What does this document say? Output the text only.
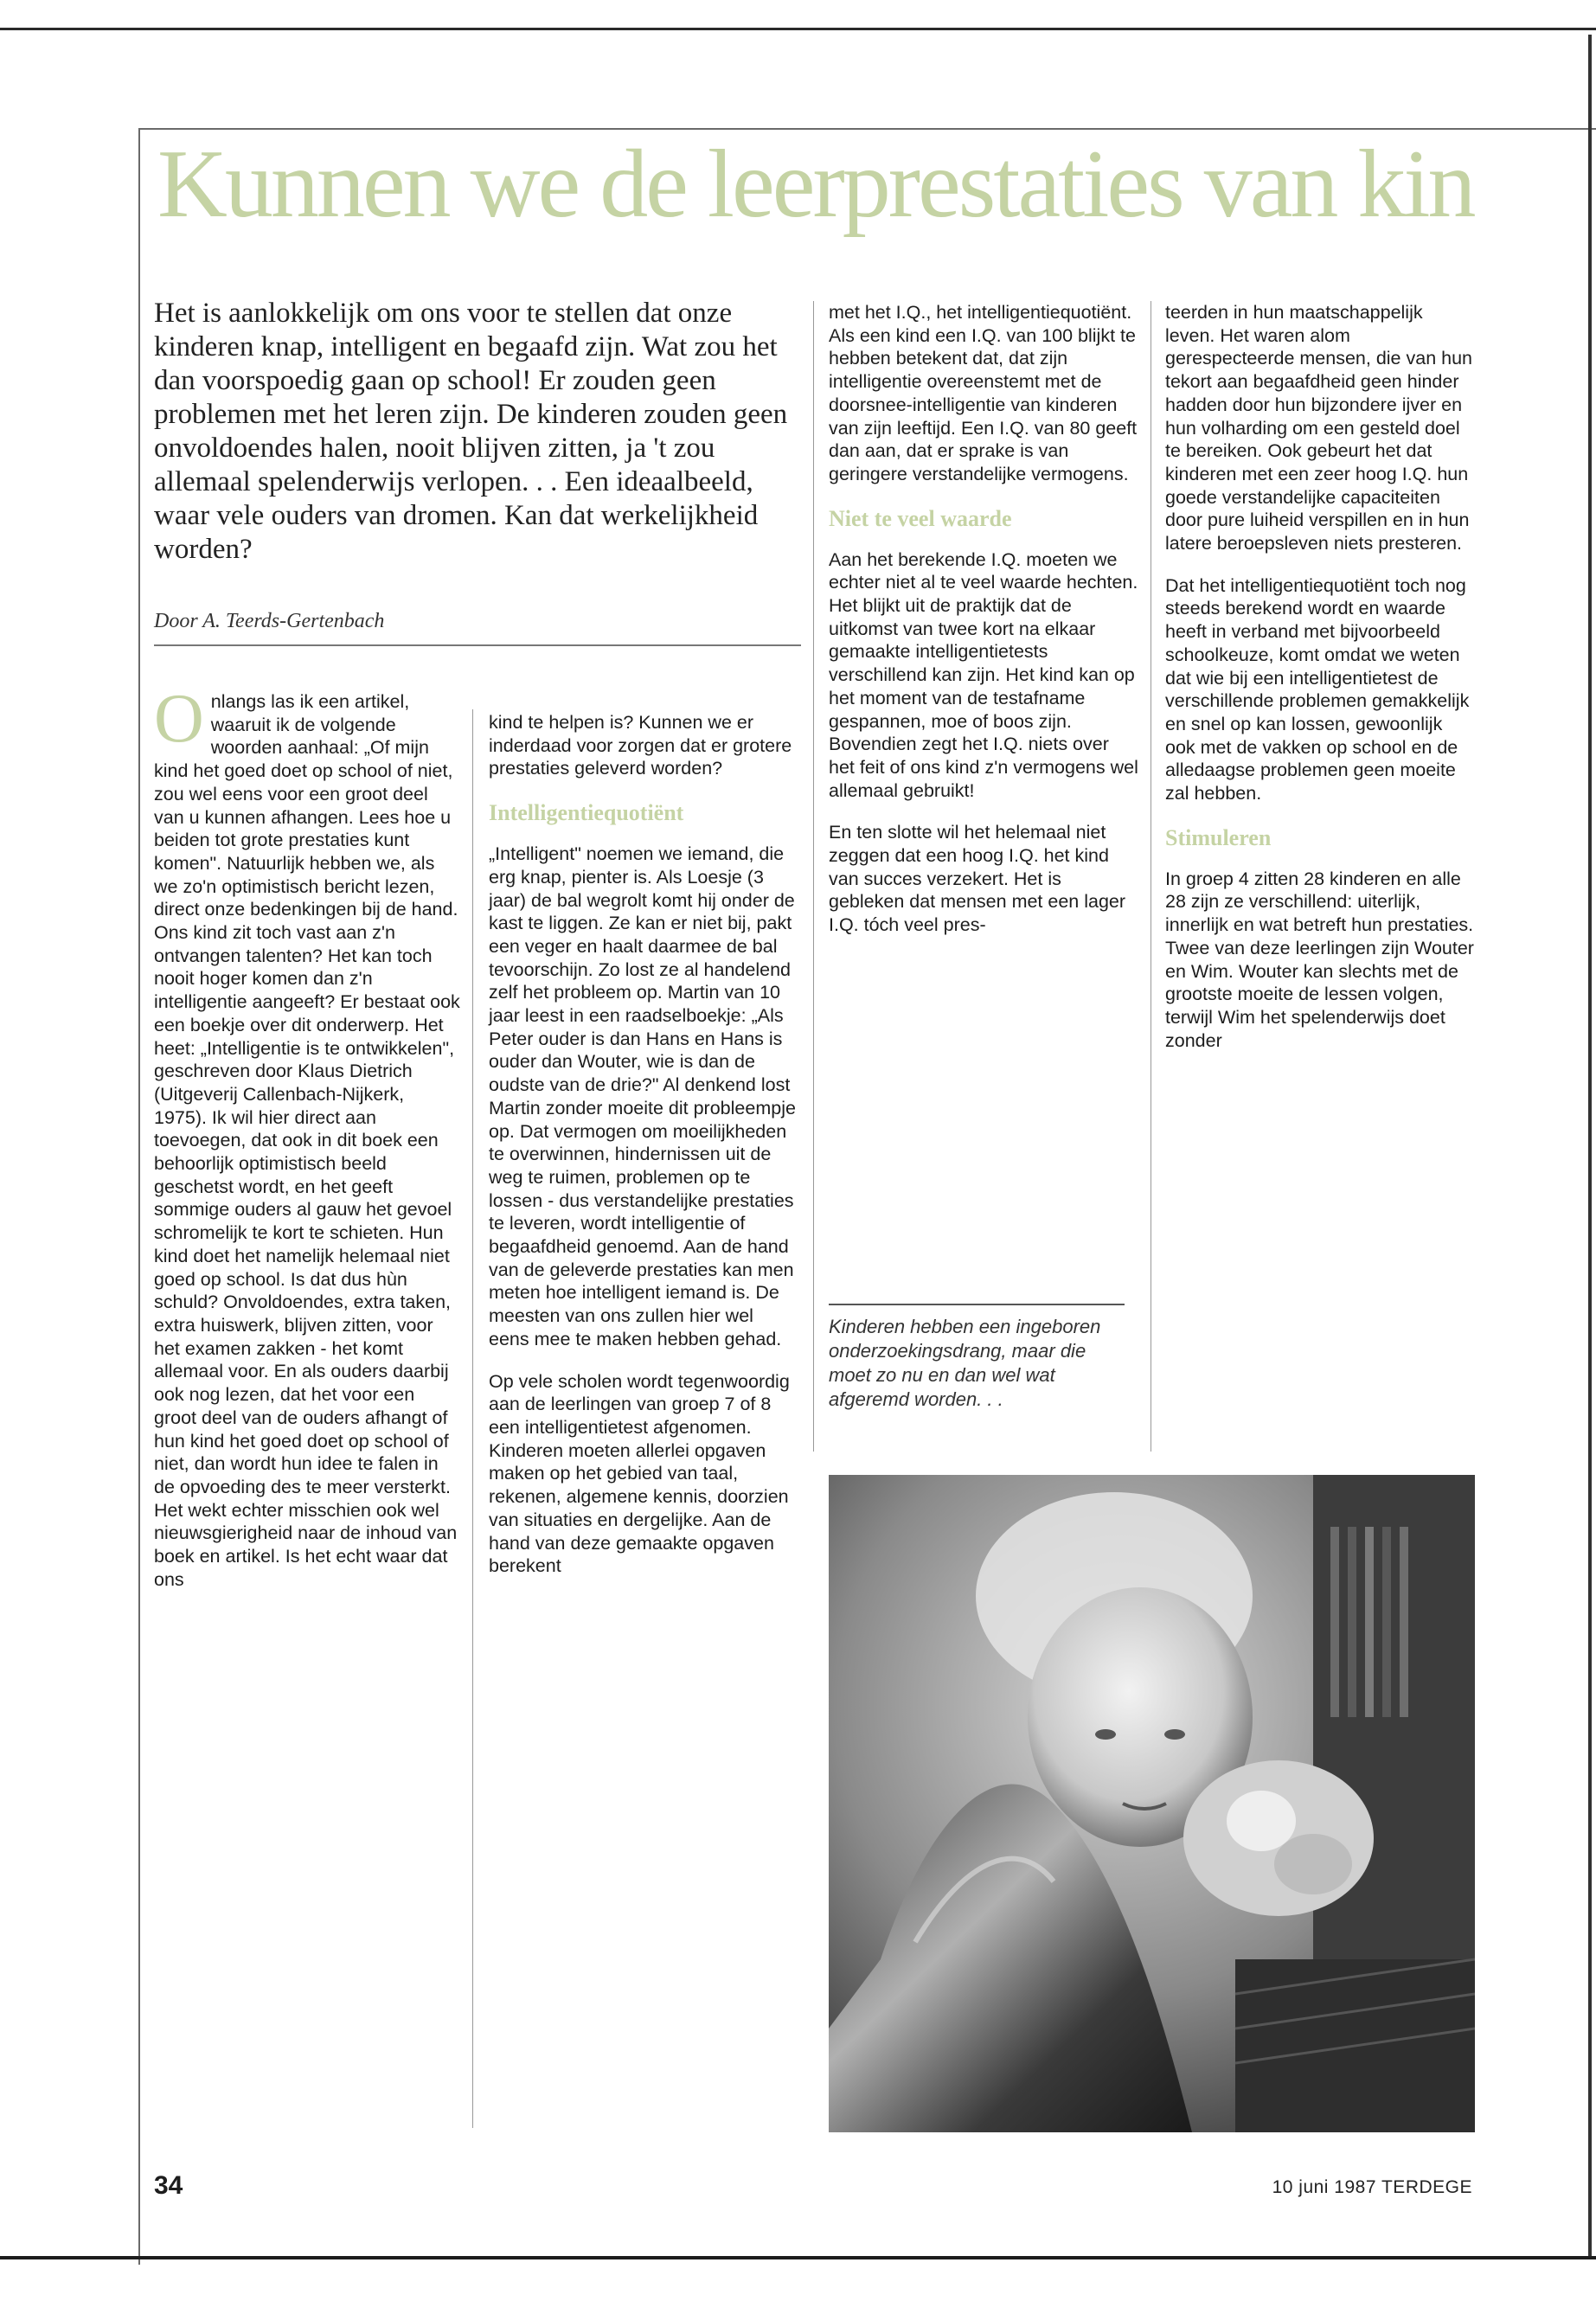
Kunnen we de leerprestaties van kin
Het is aanlokkelijk om ons voor te stellen dat onze kinderen knap, intelligent en begaafd zijn. Wat zou het dan voorspoedig gaan op school! Er zouden geen problemen met het leren zijn. De kinderen zouden geen onvoldoendes halen, nooit blijven zitten, ja 't zou allemaal spelenderwijs verlopen. . . Een ideaalbeeld, waar vele ouders van dromen. Kan dat werkelijkheid worden?
Door A. Teerds-Gertenbach

Onlangs las ik een artikel, waaruit ik de volgende woorden aanhaal: „Of mijn kind het goed doet op school of niet, zou wel eens voor een groot deel van u kunnen afhangen. Lees hoe u beiden tot grote prestaties kunt komen". Natuurlijk hebben we, als we zo'n optimistisch bericht lezen, direct onze bedenkingen bij de hand. Ons kind zit toch vast aan z'n ontvangen talenten? Het kan toch nooit hoger komen dan z'n intelligentie aangeeft? Er bestaat ook een boekje over dit onderwerp. Het heet: „Intelligentie is te ontwikkelen", geschreven door Klaus Dietrich (Uitgeverij Callenbach-Nijkerk, 1975). Ik wil hier direct aan toevoegen, dat ook in dit boek een behoorlijk optimistisch beeld geschetst wordt, en het geeft sommige ouders al gauw het gevoel schromelijk te kort te schieten. Hun kind doet het namelijk helemaal niet goed op school. Is dat dus hùn schuld? Onvoldoendes, extra taken, extra huiswerk, blijven zitten, voor het examen zakken - het komt allemaal voor. En als ouders daarbij ook nog lezen, dat het voor een groot deel van de ouders afhangt of hun kind het goed doet op school of niet, dan wordt hun idee te falen in de opvoeding des te meer versterkt. Het wekt echter misschien ook wel nieuwsgierigheid naar de inhoud van boek en artikel. Is het echt waar dat ons

kind te helpen is? Kunnen we er inderdaad voor zorgen dat er grotere prestaties geleverd worden?

Intelligentiequotiënt

„Intelligent" noemen we iemand, die erg knap, pienter is. Als Loesje (3 jaar) de bal wegrolt komt hij onder de kast te liggen. Ze kan er niet bij, pakt een veger en haalt daarmee de bal tevoorschijn. Zo lost ze al handelend zelf het probleem op. Martin van 10 jaar leest in een raadselboekje: „Als Peter ouder is dan Hans en Hans is ouder dan Wouter, wie is dan de oudste van de drie?" Al denkend lost Martin zonder moeite dit probleempje op. Dat vermogen om moeilijkheden te overwinnen, hindernissen uit de weg te ruimen, problemen op te lossen - dus verstandelijke prestaties te leveren, wordt intelligentie of begaafdheid genoemd. Aan de hand van de geleverde prestaties kan men meten hoe intelligent iemand is. De meesten van ons zullen hier wel eens mee te maken hebben gehad.

Op vele scholen wordt tegenwoordig aan de leerlingen van groep 7 of 8 een intelligentietest afgenomen. Kinderen moeten allerlei opgaven maken op het gebied van taal, rekenen, algemene kennis, doorzien van situaties en dergelijke. Aan de hand van deze gemaakte opgaven berekent

met het I.Q., het intelligentiequotiënt. Als een kind een I.Q. van 100 blijkt te hebben betekent dat, dat zijn intelligentie overeenstemt met de doorsnee-intelligentie van kinderen van zijn leeftijd. Een I.Q. van 80 geeft dan aan, dat er sprake is van geringere verstandelijke vermogens.

Niet te veel waarde

Aan het berekende I.Q. moeten we echter niet al te veel waarde hechten. Het blijkt uit de praktijk dat de uitkomst van twee kort na elkaar gemaakte intelligentietests verschillend kan zijn. Het kind kan op het moment van de testafname gespannen, moe of boos zijn. Bovendien zegt het I.Q. niets over het feit of ons kind z'n vermogens wel allemaal gebruikt!

En ten slotte wil het helemaal niet zeggen dat een hoog I.Q. het kind van succes verzekert. Het is gebleken dat mensen met een lager I.Q. tóch veel pres-

Kinderen hebben een ingeboren onderzoekingsdrang, maar die moet zo nu en dan wel wat afgeremd worden. . .

teerden in hun maatschappelijk leven. Het waren alom gerespecteerde mensen, die van hun tekort aan begaafdheid geen hinder hadden door hun bijzondere ijver en hun volharding om een gesteld doel te bereiken. Ook gebeurt het dat kinderen met een zeer hoog I.Q. hun goede verstandelijke capaciteiten door pure luiheid verspillen en in hun latere beroepsleven niets presteren.

Dat het intelligentiequotiënt toch nog steeds berekend wordt en waarde heeft in verband met bijvoorbeeld schoolkeuze, komt omdat we weten dat wie bij een intelligentietest de verschillende problemen gemakkelijk en snel op kan lossen, gewoonlijk ook met de vakken op school en de alledaagse problemen geen moeite zal hebben.

Stimuleren

In groep 4 zitten 28 kinderen en alle 28 zijn ze verschillend: uiterlijk, innerlijk en wat betreft hun prestaties. Twee van deze leerlingen zijn Wouter en Wim. Wouter kan slechts met de grootste moeite de lessen volgen, terwijl Wim het spelenderwijs doet zonder

34	10 juni 1987 TERDEGE
